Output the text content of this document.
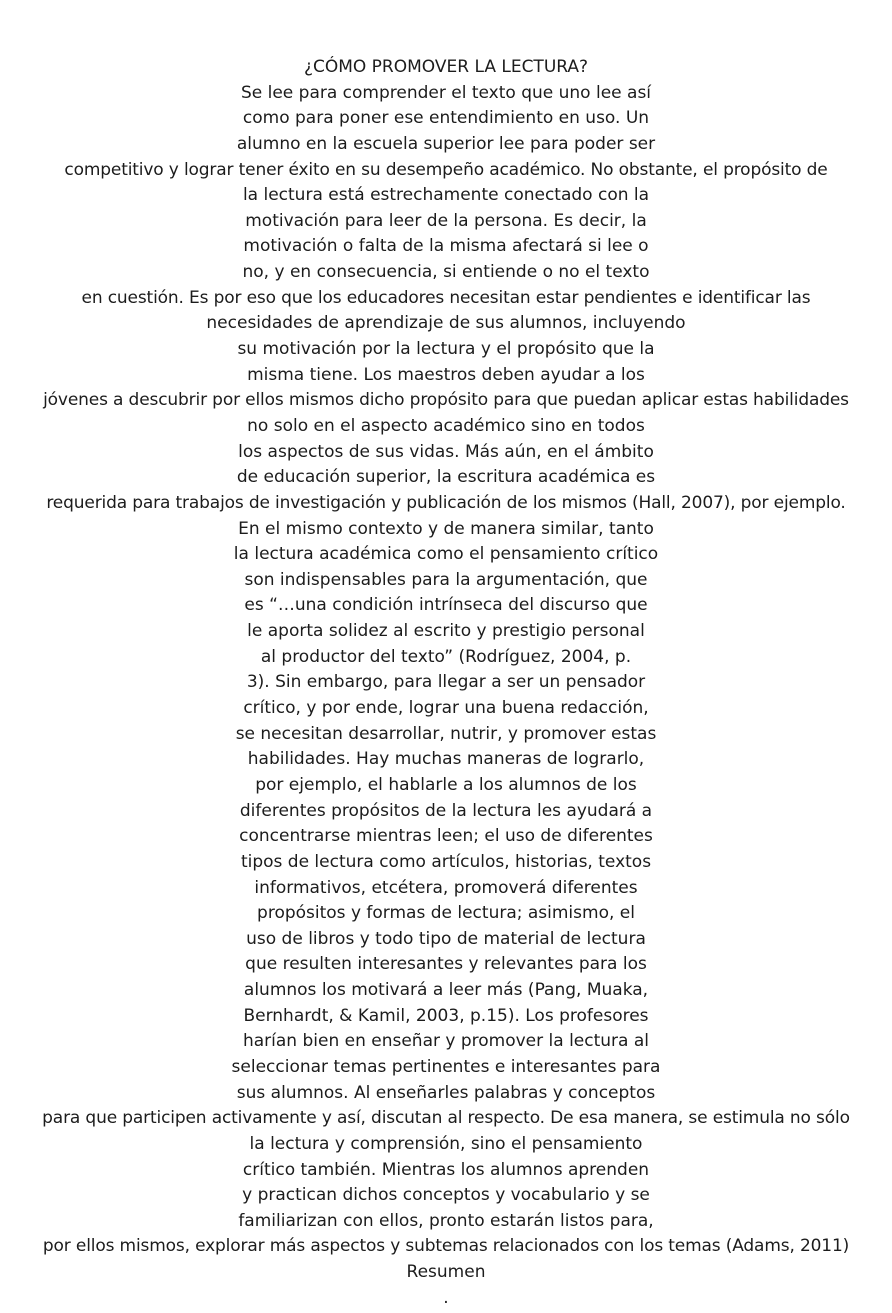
¿CÓMO PROMOVER LA LECTURA?
Se lee para comprender el texto que uno lee así
como para poner ese entendimiento en uso. Un
alumno en la escuela superior lee para poder ser
competitivo y lograr tener éxito en su desempeño académico. No obstante, el propósito de
la lectura está estrechamente conectado con la
motivación para leer de la persona. Es decir, la
motivación o falta de la misma afectará si lee o
no, y en consecuencia, si entiende o no el texto
en cuestión. Es por eso que los educadores necesitan estar pendientes e identificar las
necesidades de aprendizaje de sus alumnos, incluyendo
su motivación por la lectura y el propósito que la
misma tiene. Los maestros deben ayudar a los
jóvenes a descubrir por ellos mismos dicho propósito para que puedan aplicar estas habilidades
no solo en el aspecto académico sino en todos
los aspectos de sus vidas. Más aún, en el ámbito
de educación superior, la escritura académica es
requerida para trabajos de investigación y publicación de los mismos (Hall, 2007), por ejemplo.
En el mismo contexto y de manera similar, tanto
la lectura académica como el pensamiento crítico
son indispensables para la argumentación, que
es “…una condición intrínseca del discurso que
le aporta solidez al escrito y prestigio personal
al productor del texto” (Rodríguez, 2004, p.
3). Sin embargo, para llegar a ser un pensador
crítico, y por ende, lograr una buena redacción,
se necesitan desarrollar, nutrir, y promover estas
habilidades. Hay muchas maneras de lograrlo,
por ejemplo, el hablarle a los alumnos de los
diferentes propósitos de la lectura les ayudará a
concentrarse mientras leen; el uso de diferentes
tipos de lectura como artículos, historias, textos
informativos, etcétera, promoverá diferentes
propósitos y formas de lectura; asimismo, el
uso de libros y todo tipo de material de lectura
que resulten interesantes y relevantes para los
alumnos los motivará a leer más (Pang, Muaka,
Bernhardt, & Kamil, 2003, p.15). Los profesores
harían bien en enseñar y promover la lectura al
seleccionar temas pertinentes e interesantes para
sus alumnos. Al enseñarles palabras y conceptos
para que participen activamente y así, discutan al respecto. De esa manera, se estimula no sólo
la lectura y comprensión, sino el pensamiento
crítico también. Mientras los alumnos aprenden
y practican dichos conceptos y vocabulario y se
familiarizan con ellos, pronto estarán listos para,
por ellos mismos, explorar más aspectos y subtemas relacionados con los temas (Adams, 2011)
Resumen
.
